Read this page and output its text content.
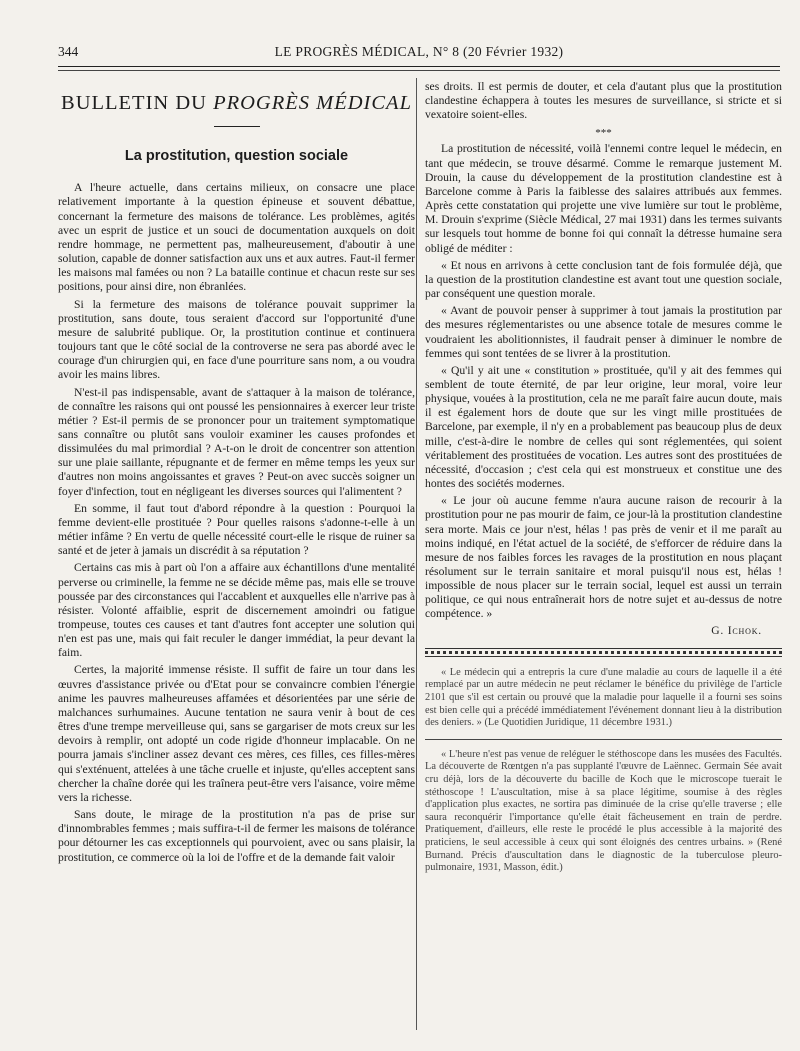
344	LE PROGRÈS MÉDICAL, N° 8 (20 Février 1932)
BULLETIN DU PROGRÈS MÉDICAL
La prostitution, question sociale

A l'heure actuelle, dans certains milieux, on consacre une place relativement importante à la question épineuse et souvent débattue, concernant la fermeture des maisons de tolérance. Les problèmes, agités avec un esprit de justice et un souci de documentation auxquels on doit rendre hommage, ne permettent pas, malheureusement, d'aboutir à une solution, capable de donner satisfaction aux uns et aux autres. Faut-il fermer les maisons mal famées ou non ? La bataille continue et chacun reste sur ses positions, pour ainsi dire, non ébranlées.

Si la fermeture des maisons de tolérance pouvait supprimer la prostitution, sans doute, tous seraient d'accord sur l'opportunité d'une mesure de salubrité publique. Or, la prostitution continue et continuera toujours tant que le côté social de la controverse ne sera pas abordé avec le courage d'un chirurgien qui, en face d'une pourriture sans nom, a ou voudra avoir les mains libres.

N'est-il pas indispensable, avant de s'attaquer à la maison de tolérance, de connaître les raisons qui ont poussé les pensionnaires à exercer leur triste métier ? Est-il permis de se prononcer pour un traitement symptomatique sans connaître ou plutôt sans vouloir examiner les causes profondes et dissimulées du mal primordial ? A-t-on le droit de concentrer son attention sur une plaie saillante, répugnante et de fermer en même temps les yeux sur d'autres non moins angoissantes et graves ? Peut-on avec succès soigner un foyer d'infection, tout en négligeant les diverses sources qui l'alimentent ?

En somme, il faut tout d'abord répondre à la question : Pourquoi la femme devient-elle prostituée ? Pour quelles raisons s'adonne-t-elle à un métier infâme ? En vertu de quelle nécessité court-elle le risque de ruiner sa santé et de jeter à jamais un discrédit à sa réputation ?

Certains cas mis à part où l'on a affaire aux échantillons d'une mentalité perverse ou criminelle, la femme ne se décide même pas, mais elle se trouve poussée par des circonstances qui l'accablent et auxquelles elle n'arrive pas à résister. Volonté affaiblie, esprit de discernement amoindri ou fatigue trompeuse, toutes ces causes et tant d'autres font accepter une solution qui n'en est pas une, mais qui fait reculer le danger immédiat, la peur devant la faim.

Certes, la majorité immense résiste. Il suffit de faire un tour dans les œuvres d'assistance privée ou d'Etat pour se convaincre combien l'énergie anime les pauvres malheureuses affamées et désorientées par une série de malchances surhumaines. Aucune tentation ne saura venir à bout de ces êtres d'une trempe merveilleuse qui, sans se gargariser de mots creux sur les devoirs à remplir, ont adopté un code rigide d'honneur implacable. On ne pourra jamais s'incliner assez devant ces mères, ces filles, ces filles-mères qui s'exténuent, attelées à une tâche cruelle et injuste, qu'elles acceptent sans chercher la chaîne dorée qui les traînera peut-être vers l'aisance, voire même vers la richesse.

Sans doute, le mirage de la prostitution n'a pas de prise sur d'innombrables femmes ; mais suffira-t-il de fermer les maisons de tolérance pour détourner les cas exceptionnels qui pourvoient, avec ou sans plaisir, la prostitution, ce commerce où la loi de l'offre et de la demande fait valoir

ses droits. Il est permis de douter, et cela d'autant plus que la prostitution clandestine échappera à toutes les mesures de surveillance, si stricte et si vexatoire soient-elles.

***

La prostitution de nécessité, voilà l'ennemi contre lequel le médecin, en tant que médecin, se trouve désarmé. Comme le remarque justement M. Drouin, la cause du développement de la prostitution clandestine est à Barcelone comme à Paris la faiblesse des salaires attribués aux femmes. Après cette constatation qui projette une vive lumière sur tout le problème, M. Drouin s'exprime (Siècle Médical, 27 mai 1931) dans les termes suivants sur lesquels tout homme de bonne foi qui connaît la détresse humaine sera obligé de méditer :

« Et nous en arrivons à cette conclusion tant de fois formulée déjà, que la question de la prostitution clandestine est avant tout une question sociale, par conséquent une question morale.

« Avant de pouvoir penser à supprimer à tout jamais la prostitution par des mesures réglementaristes ou une absence totale de mesures comme le voudraient les abolitionnistes, il faudrait penser à diminuer le nombre de femmes qui sont tentées de se livrer à la prostitution.

« Qu'il y ait une « constitution » prostituée, qu'il y ait des femmes qui semblent de toute éternité, de par leur origine, leur moral, voire leur physique, vouées à la prostitution, cela ne me paraît faire aucun doute, mais il est également hors de doute que sur les vingt mille prostituées de Barcelone, par exemple, il n'y en a probablement pas beaucoup plus de deux mille, c'est-à-dire le nombre de celles qui sont réglementées, qui soient véritablement des prostituées de vocation. Les autres sont des prostituées de nécessité, d'occasion ; c'est cela qui est monstrueux et constitue une des hontes des sociétés modernes.

« Le jour où aucune femme n'aura aucune raison de recourir à la prostitution pour ne pas mourir de faim, ce jour-là la prostitution clandestine sera morte. Mais ce jour n'est, hélas ! pas près de venir et il me paraît au moins indiqué, en l'état actuel de la société, de s'efforcer de réduire dans la mesure de nos faibles forces les ravages de la prostitution en nous plaçant résolument sur le terrain sanitaire et moral puisqu'il nous est, hélas ! impossible de nous placer sur le terrain social, lequel est aussi un terrain politique, ce qui nous entraînerait hors de notre sujet et au-dessus de notre compétence. »

G. Ichok.

« Le médecin qui a entrepris la cure d'une maladie au cours de laquelle il a été remplacé par un autre médecin ne peut réclamer le bénéfice du privilège de l'article 2101 que s'il est certain ou prouvé que la maladie pour laquelle il a fourni ses soins est bien celle qui a précédé immédiatement l'événement donnant lieu à la distribution des deniers. » (Le Quotidien Juridique, 11 décembre 1931.)

« L'heure n'est pas venue de reléguer le stéthoscope dans les musées des Facultés. La découverte de Rœntgen n'a pas supplanté l'œuvre de Laënnec. Germain Sée avait cru déjà, lors de la découverte du bacille de Koch que le microscope tuerait le stéthoscope ! L'auscultation, mise à sa place légitime, soumise à des règles d'application plus exactes, ne sortira pas diminuée de la crise qu'elle traverse ; elle saura reconquérir l'importance qu'elle était fâcheusement en train de perdre. Pratiquement, d'ailleurs, elle reste le procédé le plus accessible à la majorité des praticiens, le seul accessible à ceux qui sont éloignés des centres urbains. » (René Burnand. Précis d'auscultation dans le diagnostic de la tuberculose pleuro-pulmonaire, 1931, Masson, édit.)
